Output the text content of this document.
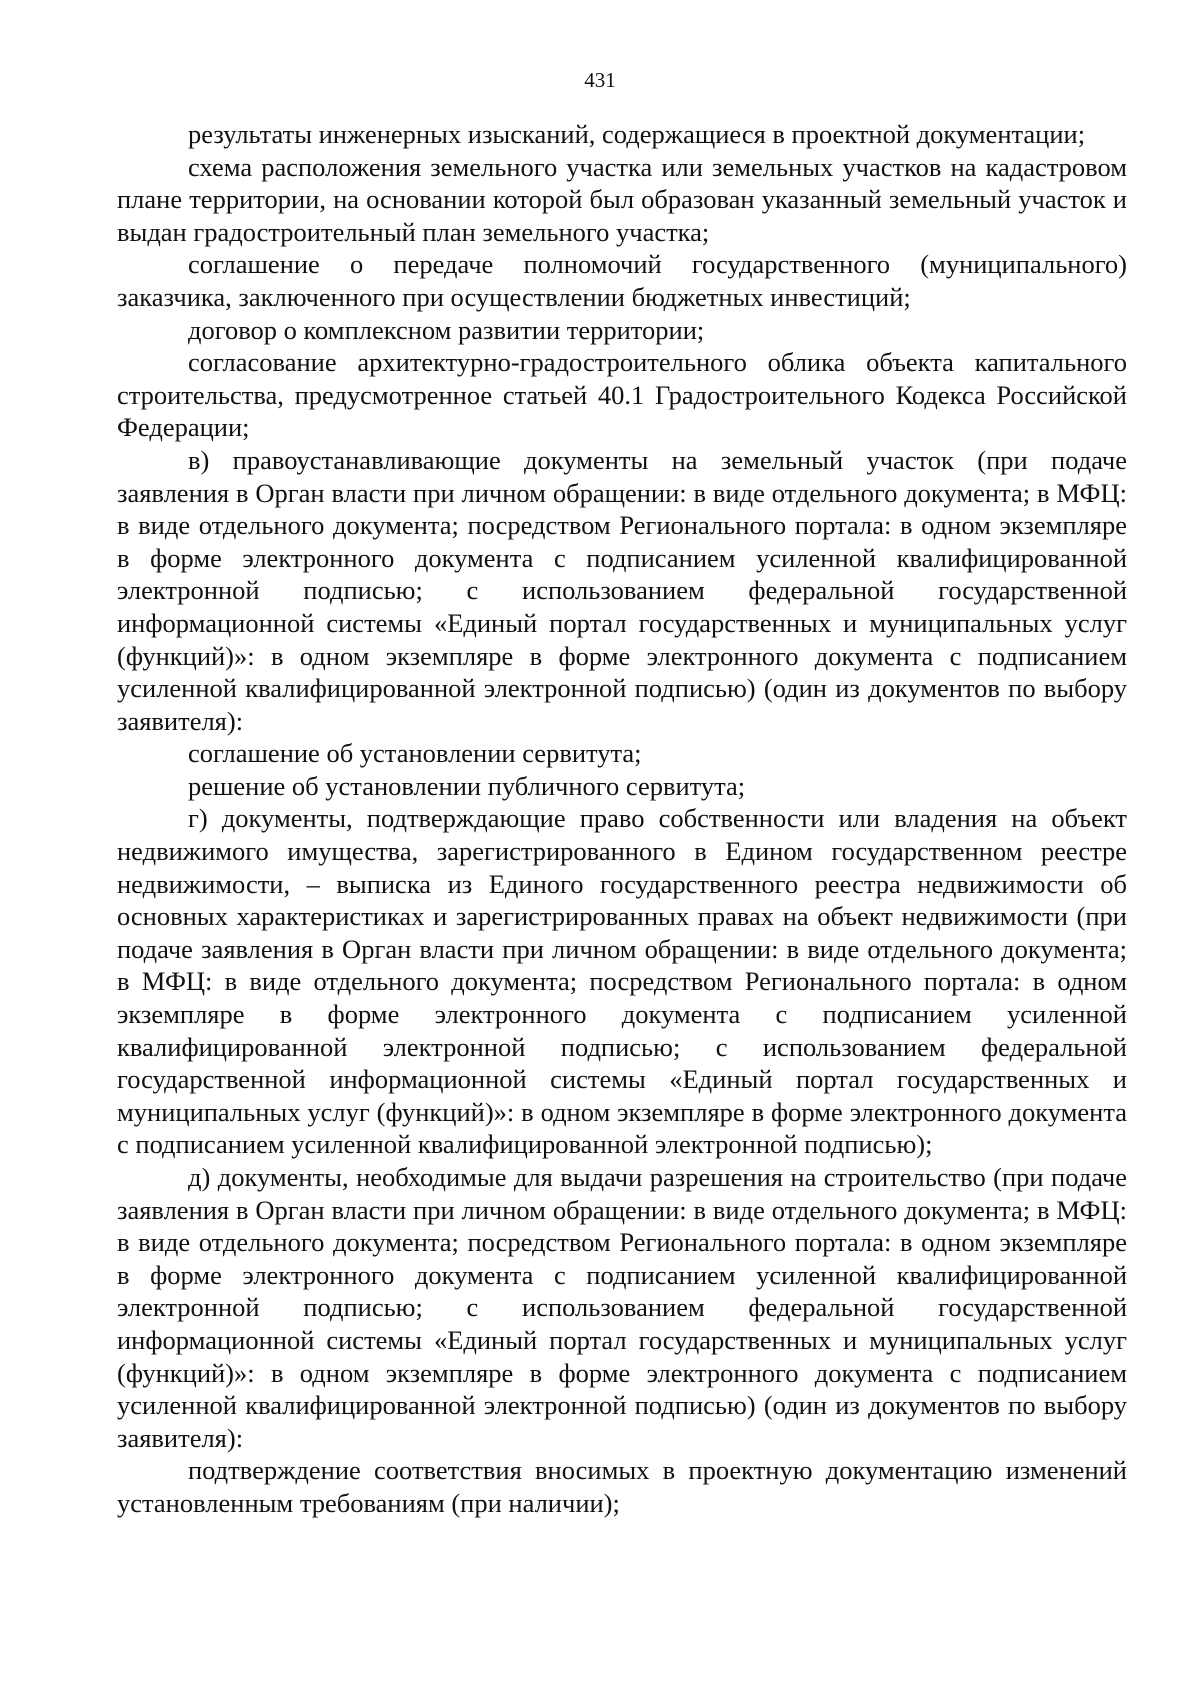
431

результаты инженерных изысканий, содержащиеся в проектной документации;

схема расположения земельного участка или земельных участков на кадастровом плане территории, на основании которой был образован указанный земельный участок и выдан градостроительный план земельного участка;

соглашение о передаче полномочий государственного (муниципального) заказчика, заключенного при осуществлении бюджетных инвестиций;

договор о комплексном развитии территории;

согласование архитектурно-градостроительного облика объекта капитального строительства, предусмотренное статьей 40.1 Градостроительного Кодекса Российской Федерации;

в) правоустанавливающие документы на земельный участок (при подаче заявления в Орган власти при личном обращении: в виде отдельного документа; в МФЦ: в виде отдельного документа; посредством Регионального портала: в одном экземпляре в форме электронного документа с подписанием усиленной квалифицированной электронной подписью; с использованием федеральной государственной информационной системы «Единый портал государственных и муниципальных услуг (функций)»: в одном экземпляре в форме электронного документа с подписанием усиленной квалифицированной электронной подписью) (один из документов по выбору заявителя):

соглашение об установлении сервитута;

решение об установлении публичного сервитута;

г) документы, подтверждающие право собственности или владения на объект недвижимого имущества, зарегистрированного в Едином государственном реестре недвижимости, – выписка из Единого государственного реестра недвижимости об основных характеристиках и зарегистрированных правах на объект недвижимости (при подаче заявления в Орган власти при личном обращении: в виде отдельного документа; в МФЦ: в виде отдельного документа; посредством Регионального портала: в одном экземпляре в форме электронного документа с подписанием усиленной квалифицированной электронной подписью; с использованием федеральной государственной информационной системы «Единый портал государственных и муниципальных услуг (функций)»: в одном экземпляре в форме электронного документа с подписанием усиленной квалифицированной электронной подписью);

д) документы, необходимые для выдачи разрешения на строительство (при подаче заявления в Орган власти при личном обращении: в виде отдельного документа; в МФЦ: в виде отдельного документа; посредством Регионального портала: в одном экземпляре в форме электронного документа с подписанием усиленной квалифицированной электронной подписью; с использованием федеральной государственной информационной системы «Единый портал государственных и муниципальных услуг (функций)»: в одном экземпляре в форме электронного документа с подписанием усиленной квалифицированной электронной подписью) (один из документов по выбору заявителя):

подтверждение соответствия вносимых в проектную документацию изменений установленным требованиям (при наличии);
